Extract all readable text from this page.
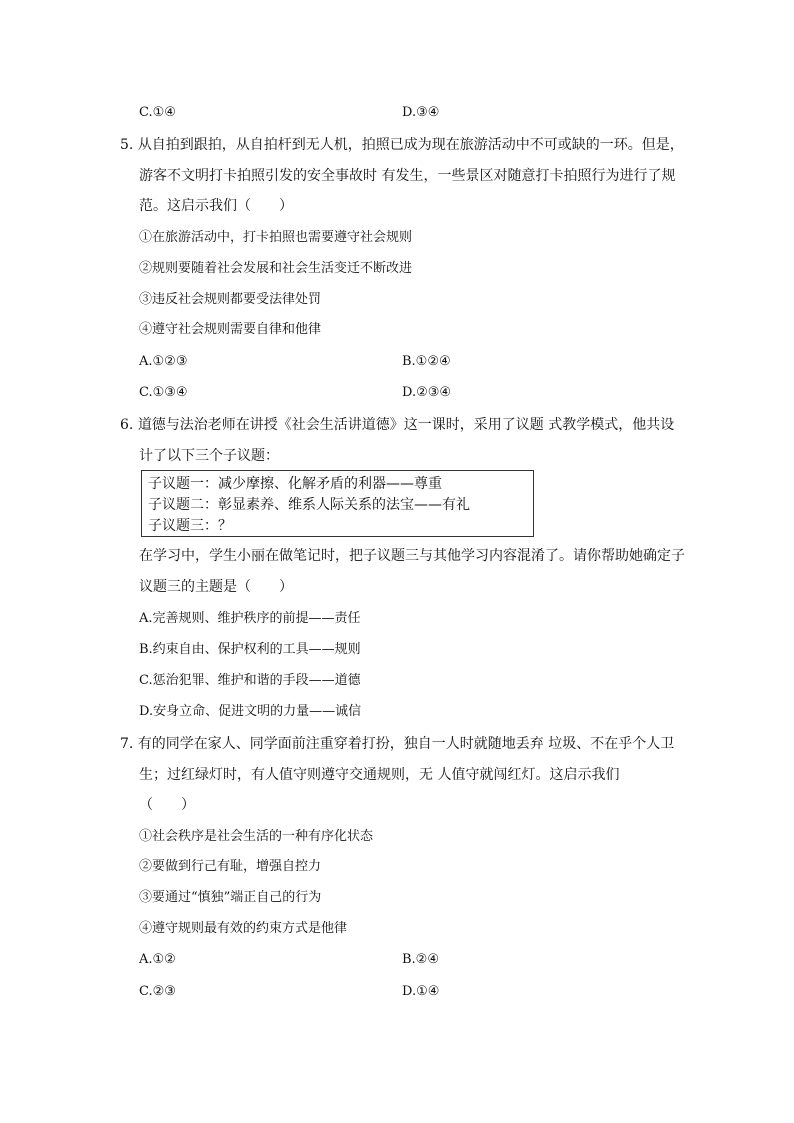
C.①④	D.③④
5. 从自拍到跟拍，从自拍杆到无人机，拍照已成为现在旅游活动中不可或缺的一环。但是，
游客不文明打卡拍照引发的安全事故时 有发生，一些景区对随意打卡拍照行为进行了规
范。这启示我们（　　）
①在旅游活动中，打卡拍照也需要遵守社会规则
②规则要随着社会发展和社会生活变迁不断改进
③违反社会规则都要受法律处罚
④遵守社会规则需要自律和他律
A.①②③	B.①②④
C.①③④	D.②③④
6. 道德与法治老师在讲授《社会生活讲道德》这一课时，采用了议题 式教学模式，他共设
计了以下三个子议题：
子议题一：减少摩擦、化解矛盾的利器——尊重
子议题二：彰显素养、维系人际关系的法宝——有礼
子议题三：？
在学习中，学生小丽在做笔记时，把子议题三与其他学习内容混淆了。请你帮助她确定子
议题三的主题是（　　）
A.完善规则、维护秩序的前提——责任
B.约束自由、保护权利的工具——规则
C.惩治犯罪、维护和谐的手段——道德
D.安身立命、促进文明的力量——诚信
7. 有的同学在家人、同学面前注重穿着打扮，独自一人时就随地丢弃 垃圾、不在乎个人卫
生；过红绿灯时，有人值守则遵守交通规则，无 人值守就闯红灯。这启示我们
（　　）
①社会秩序是社会生活的一种有序化状态
②要做到行己有耻，增强自控力
③要通过“慎独”端正自己的行为
④遵守规则最有效的约束方式是他律
A.①②	B.②④
C.②③	D.①④
